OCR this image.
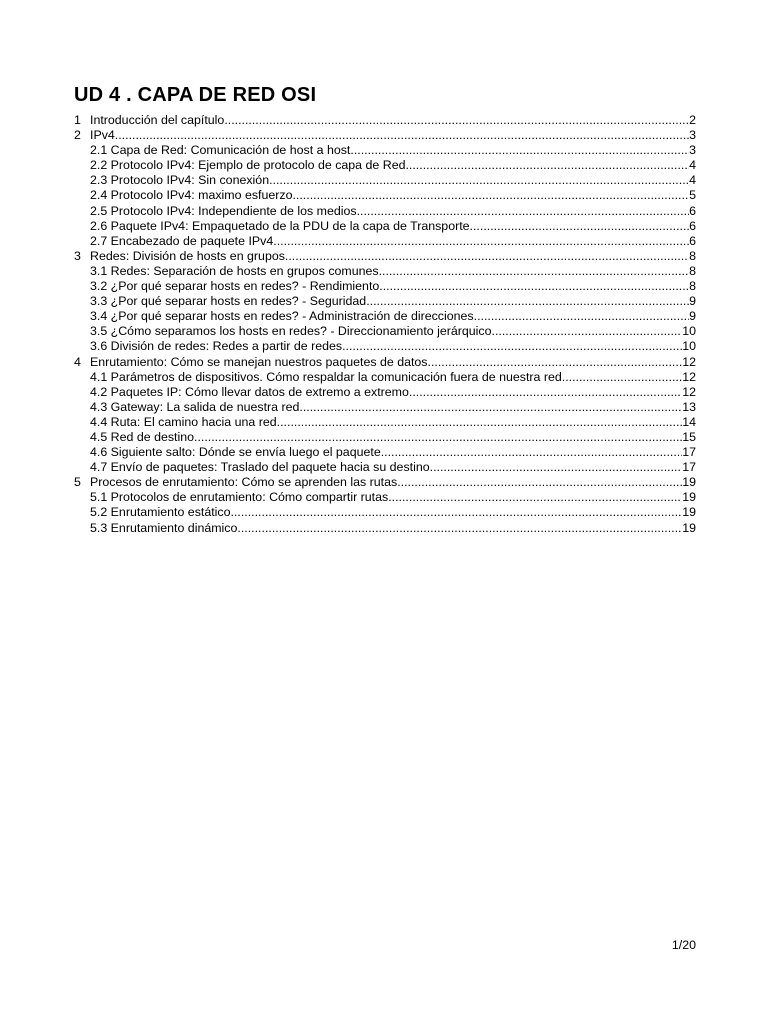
UD 4 . CAPA DE RED OSI
1 Introducción del capítulo .....	2
2 IPv4 .....	3
2.1 Capa de Red: Comunicación de host a host .....	3
2.2 Protocolo IPv4: Ejemplo de protocolo de capa de Red .....	4
2.3 Protocolo IPv4: Sin conexión .....	4
2.4 Protocolo IPv4: maximo esfuerzo .....	5
2.5 Protocolo IPv4: Independiente de los medios .....	6
2.6 Paquete IPv4: Empaquetado de la PDU de la capa de Transporte .....	6
2.7 Encabezado de paquete IPv4 .....	6
3 Redes: División de hosts en grupos .....	8
3.1 Redes: Separación de hosts en grupos comunes .....	8
3.2 ¿Por qué separar hosts en redes? - Rendimiento .....	8
3.3 ¿Por qué separar hosts en redes? - Seguridad .....	9
3.4 ¿Por qué separar hosts en redes? - Administración de direcciones .....	9
3.5 ¿Cómo separamos los hosts en redes? - Direccionamiento jerárquico .....	10
3.6 División de redes: Redes a partir de redes .....	10
4 Enrutamiento: Cómo se manejan nuestros paquetes de datos .....	12
4.1 Parámetros de dispositivos. Cómo respaldar la comunicación fuera de nuestra red .....	12
4.2 Paquetes IP: Cómo llevar datos de extremo a extremo .....	12
4.3 Gateway: La salida de nuestra red .....	13
4.4 Ruta: El camino hacia una red .....	14
4.5 Red de destino .....	15
4.6 Siguiente salto: Dónde se envía luego el paquete .....	17
4.7 Envío de paquetes: Traslado del paquete hacia su destino .....	17
5 Procesos de enrutamiento: Cómo se aprenden las rutas .....	19
5.1 Protocolos de enrutamiento: Cómo compartir rutas .....	19
5.2 Enrutamiento estático .....	19
5.3 Enrutamiento dinámico .....	19
1/20
